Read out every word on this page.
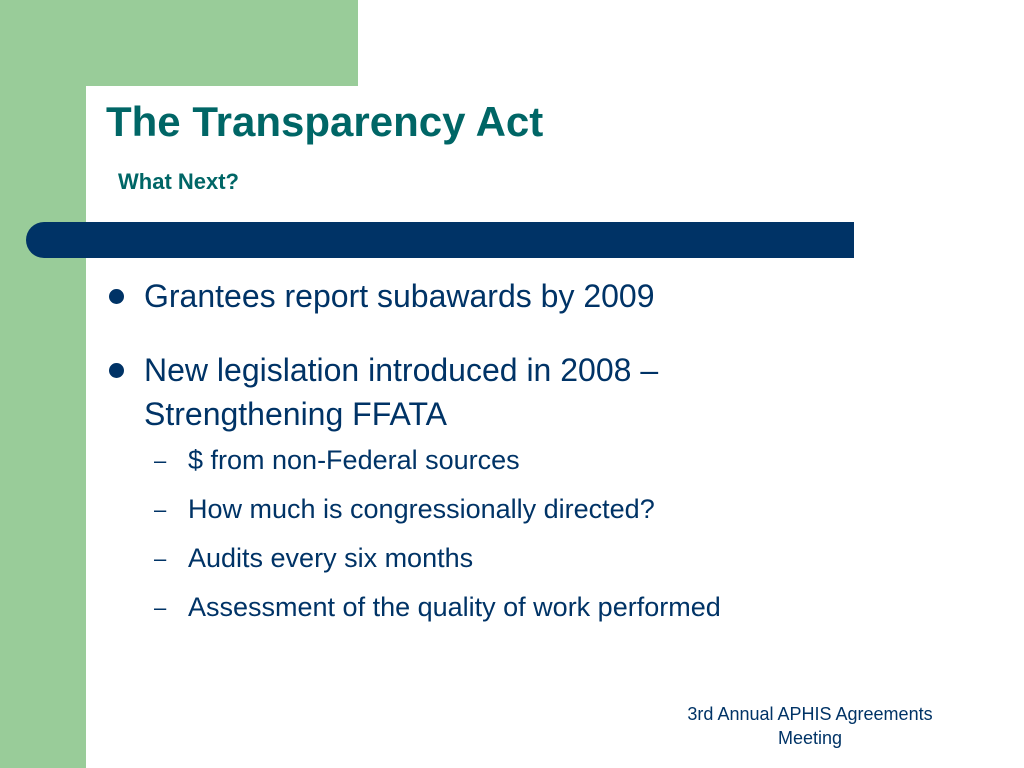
The Transparency Act
What Next?
Grantees report subawards by 2009
New legislation introduced in 2008 – Strengthening FFATA
– $ from non-Federal sources
– How much is congressionally directed?
– Audits every six months
– Assessment of the quality of work performed

3rd Annual APHIS Agreements
Meeting
